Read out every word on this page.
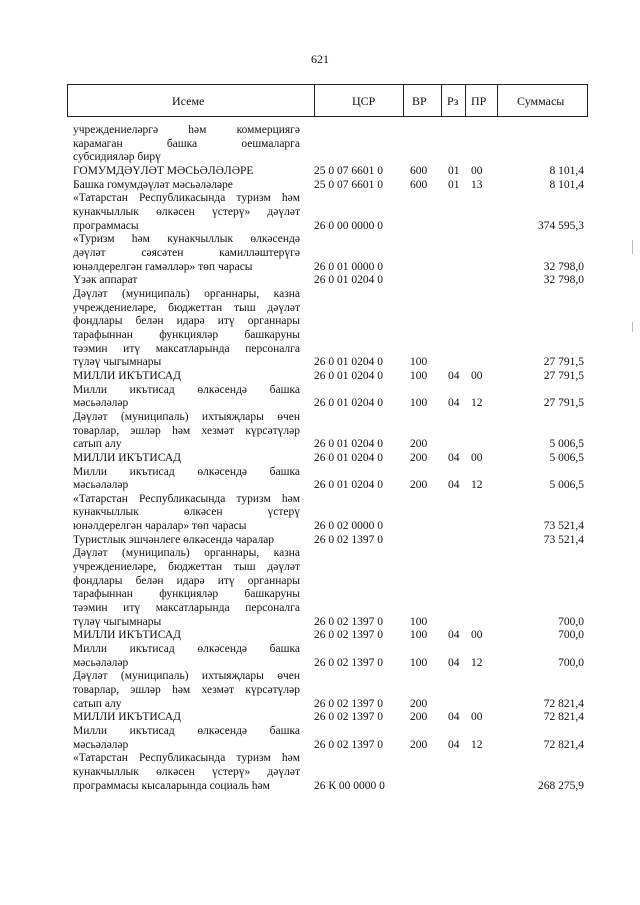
621
Исеме	ЦСР	ВР Рз ПР	Суммасы
учреждениеләргә һәм коммерциягә
карамаган башка оешмаларга
субсидияләр бирү
ГОМУМДӘҮЛӘТ МӘСЬӘЛӘЛӘРЕ	25 0 07 6601 0 600 01 00	8 101,4
Башка гомумдәүләт мәсьәләләре	25 0 07 6601 0 600 01 13	8 101,4
«Татарстан Республикасында туризм һәм
кунакчыллык өлкәсен үстерү» дәүләт
программасы	26 0 00 0000 0	374 595,3
«Туризм һәм кунакчыллык өлкәсендә
дәүләт сәясәтен камилләштерүгә
юнәлдерелгән гамәлләр» төп чарасы	26 0 01 0000 0	32 798,0
Үзәк аппарат	26 0 01 0204 0	32 798,0
Дәүләт (муниципаль) органнары, казна
учреждениеләре, бюджеттан тыш дәүләт
фондлары белән идарә итү органнары
тарафыннан функцияләр башкаруны
тәэмин итү максатларында персоналга
түләү чыгымнары	26 0 01 0204 0 100	27 791,5
МИЛЛИ ИКЪТИСАД	26 0 01 0204 0 100 04 00	27 791,5
Милли икътисад өлкәсендә башка
мәсьәләләр	26 0 01 0204 0 100 04 12	27 791,5
Дәүләт (муниципаль) ихтыяҗлары өчен
товарлар, эшләр һәм хезмәт күрсәтүләр
сатып алу	26 0 01 0204 0 200	5 006,5
МИЛЛИ ИКЪТИСАД	26 0 01 0204 0 200 04 00	5 006,5
Милли икътисад өлкәсендә башка
мәсьәләләр	26 0 01 0204 0 200 04 12	5 006,5
«Татарстан Республикасында туризм һәм
кунакчыллык өлкәсен үстерү
юнәлдерелгән чаралар» төп чарасы	26 0 02 0000 0	73 521,4
Туристлык эшчәнлеге өлкәсендә чаралар	26 0 02 1397 0	73 521,4
Дәүләт (муниципаль) органнары, казна
учреждениеләре, бюджеттан тыш дәүләт
фондлары белән идарә итү органнары
тарафыннан функцияләр башкаруны
тәэмин итү максатларында персоналга
түләү чыгымнары	26 0 02 1397 0 100	700,0
МИЛЛИ ИКЪТИСАД	26 0 02 1397 0 100 04 00	700,0
Милли икътисад өлкәсендә башка
мәсьәләләр	26 0 02 1397 0 100 04 12	700,0
Дәүләт (муниципаль) ихтыяҗлары өчен
товарлар, эшләр һәм хезмәт күрсәтүләр
сатып алу	26 0 02 1397 0 200	72 821,4
МИЛЛИ ИКЪТИСАД	26 0 02 1397 0 200 04 00	72 821,4
Милли икътисад өлкәсендә башка
мәсьәләләр	26 0 02 1397 0 200 04 12	72 821,4
«Татарстан Республикасында туризм һәм
кунакчыллык өлкәсен үстерү» дәүләт
программасы кысаларында социаль һәм	26 К 00 0000 0	268 275,9
